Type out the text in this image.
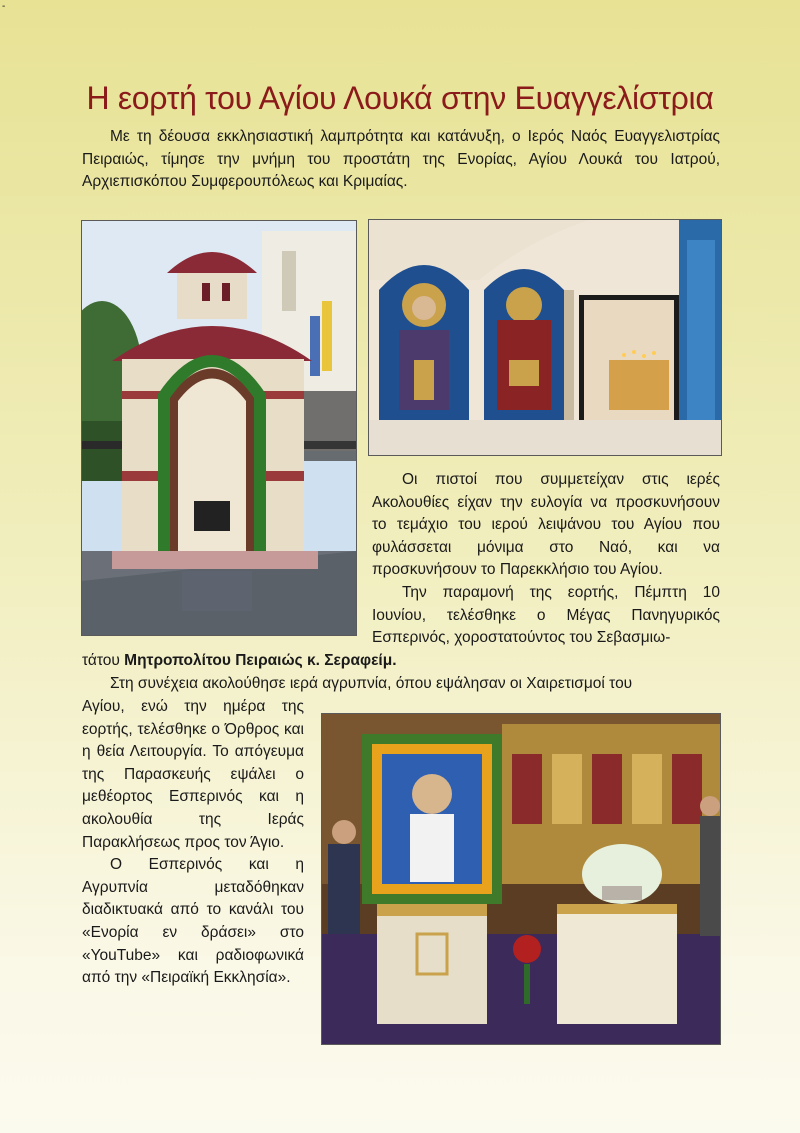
-
Η εορτή του Αγίου Λουκά στην Ευαγγελίστρια

Με τη δέουσα εκκλησιαστική λαμπρότητα και κατάνυξη, ο Ιερός Ναός Ευαγγελιστρίας Πειραιώς, τίμησε την μνήμη του προστάτη της Ενορίας, Αγίου Λουκά του Ιατρού, Αρχιεπισκόπου Συμφερουπόλεως και Κριμαίας.

Οι πιστοί που συμμετείχαν στις ιερές Ακολουθίες είχαν την ευλογία να προσκυνήσουν το τεμάχιο του ιερού λειψάνου του Αγίου που φυλάσσεται μόνιμα στο Ναό, και να προσκυνήσουν το Παρεκκλήσιο του Αγίου.

Την παραμονή της εορτής, Πέμπτη 10 Ιουνίου, τελέσθηκε ο Μέγας Πανηγυρικός Εσπερινός, χοροστατούντος του Σεβασμιω-

τάτου Μητροπολίτου Πειραιώς κ. Σεραφείμ.

Στη συνέχεια ακολούθησε ιερά αγρυπνία, όπου εψάλησαν οι Χαιρετισμοί του

Αγίου, ενώ την ημέρα της εορτής, τελέσθηκε ο Όρθρος και η θεία Λειτουργία. Το απόγευμα της Παρασκευής εψάλει ο μεθέορτος Εσπερινός και η ακολουθία της Ιεράς Παρακλήσεως προς τον Άγιο.

Ο Εσπερινός και η Αγρυπνία μεταδόθηκαν διαδικτυακά από το κανάλι του «Ενορία εν δράσει» στο «YouTube» και ραδιοφωνικά από την «Πειραϊκή Εκκλησία».
